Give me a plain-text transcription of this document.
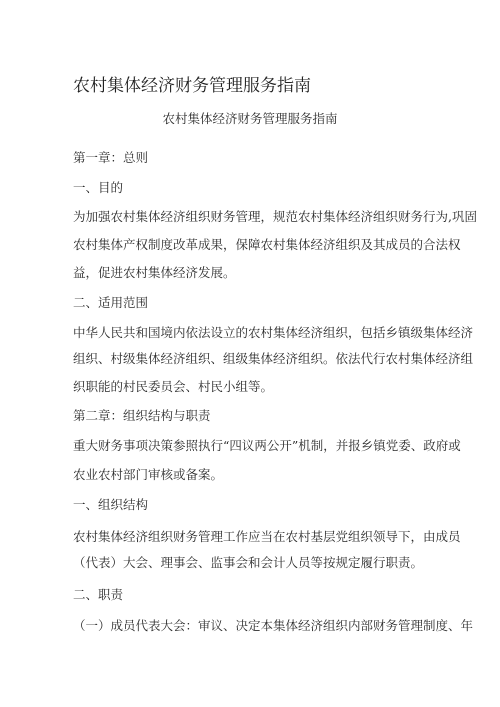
农村集体经济财务管理服务指南
农村集体经济财务管理服务指南
第一章：总则
一、目的
为加强农村集体经济组织财务管理，规范农村集体经济组织财务行为,巩固
农村集体产权制度改革成果，保障农村集体经济组织及其成员的合法权
益，促进农村集体经济发展。
二、适用范围
中华人民共和国境内依法设立的农村集体经济组织，包括乡镇级集体经济
组织、村级集体经济组织、组级集体经济组织。依法代行农村集体经济组
织职能的村民委员会、村民小组等。
第二章：组织结构与职责
重大财务事项决策参照执行“四议两公开”机制，并报乡镇党委、政府或
农业农村部门审核或备案。
一、组织结构
农村集体经济组织财务管理工作应当在农村基层党组织领导下，由成员
（代表）大会、理事会、监事会和会计人员等按规定履行职责。
二、职责
（一）成员代表大会：审议、决定本集体经济组织内部财务管理制度、年
